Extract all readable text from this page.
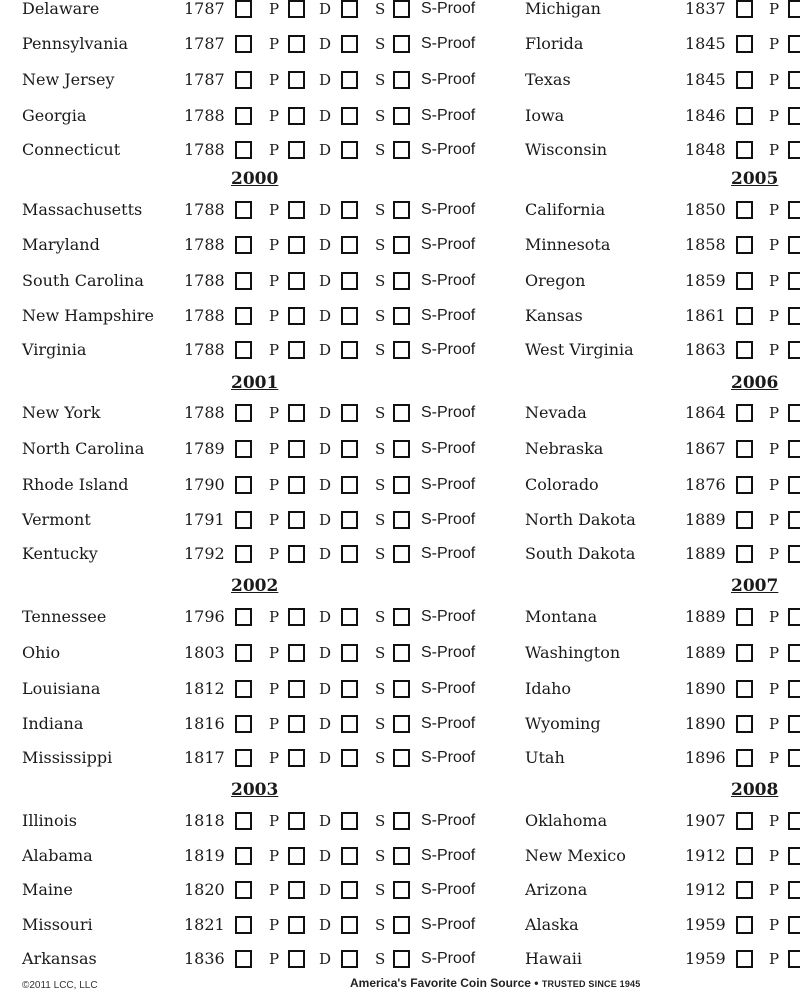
Delaware	1787	P	D	S S-Proof
Pennsylvania	1787	P	D	S S-Proof
New Jersey	1787	P	D	S S-Proof
Georgia	1788	P	D	S S-Proof
Connecticut	1788	P	D	S S-Proof
2000
Massachusetts	1788	P	D	S S-Proof
Maryland	1788	P	D	S S-Proof
South Carolina	1788	P	D	S S-Proof
New Hampshire 1788	P	D	S S-Proof
Virginia	1788	P	D	S S-Proof
2001
New York	1788	P	D	S S-Proof
North Carolina 1789	P	D	S S-Proof
Rhode Island	1790	P	D	S S-Proof
Vermont	1791	P	D	S S-Proof
Kentucky	1792	P	D	S S-Proof
2002
Tennessee	1796	P	D	S S-Proof
Ohio	1803	P	D	S S-Proof
Louisiana	1812	P	D	S S-Proof
Indiana	1816	P	D	S S-Proof
Mississippi	1817	P	D	S S-Proof
2003
Illinois	1818	P	D	S S-Proof
Alabama	1819	P	D	S S-Proof
Maine	1820	P	D	S S-Proof
Missouri	1821	P	D	S S-Proof
Arkansas	1836	P	D	S S-Proof
Michigan	1837	P
Florida	1845	P
Texas	1845	P
Iowa	1846	P
Wisconsin	1848	P
2005
California	1850	P
Minnesota	1858	P
Oregon	1859	P
Kansas	1861	P
West Virginia	1863	P
2006
Nevada	1864	P
Nebraska	1867	P
Colorado	1876	P
North Dakota	1889	P
South Dakota	1889	P
2007
Montana	1889	P
Washington	1889	P
Idaho	1890	P
Wyoming	1890	P
Utah	1896	P
2008
Oklahoma	1907	P
New Mexico	1912	P
Arizona	1912	P
Alaska	1959	P
Hawaii	1959	P
©2011 LCC, LLC	America's Favorite Coin Source • TRUSTED SINCE 1945
